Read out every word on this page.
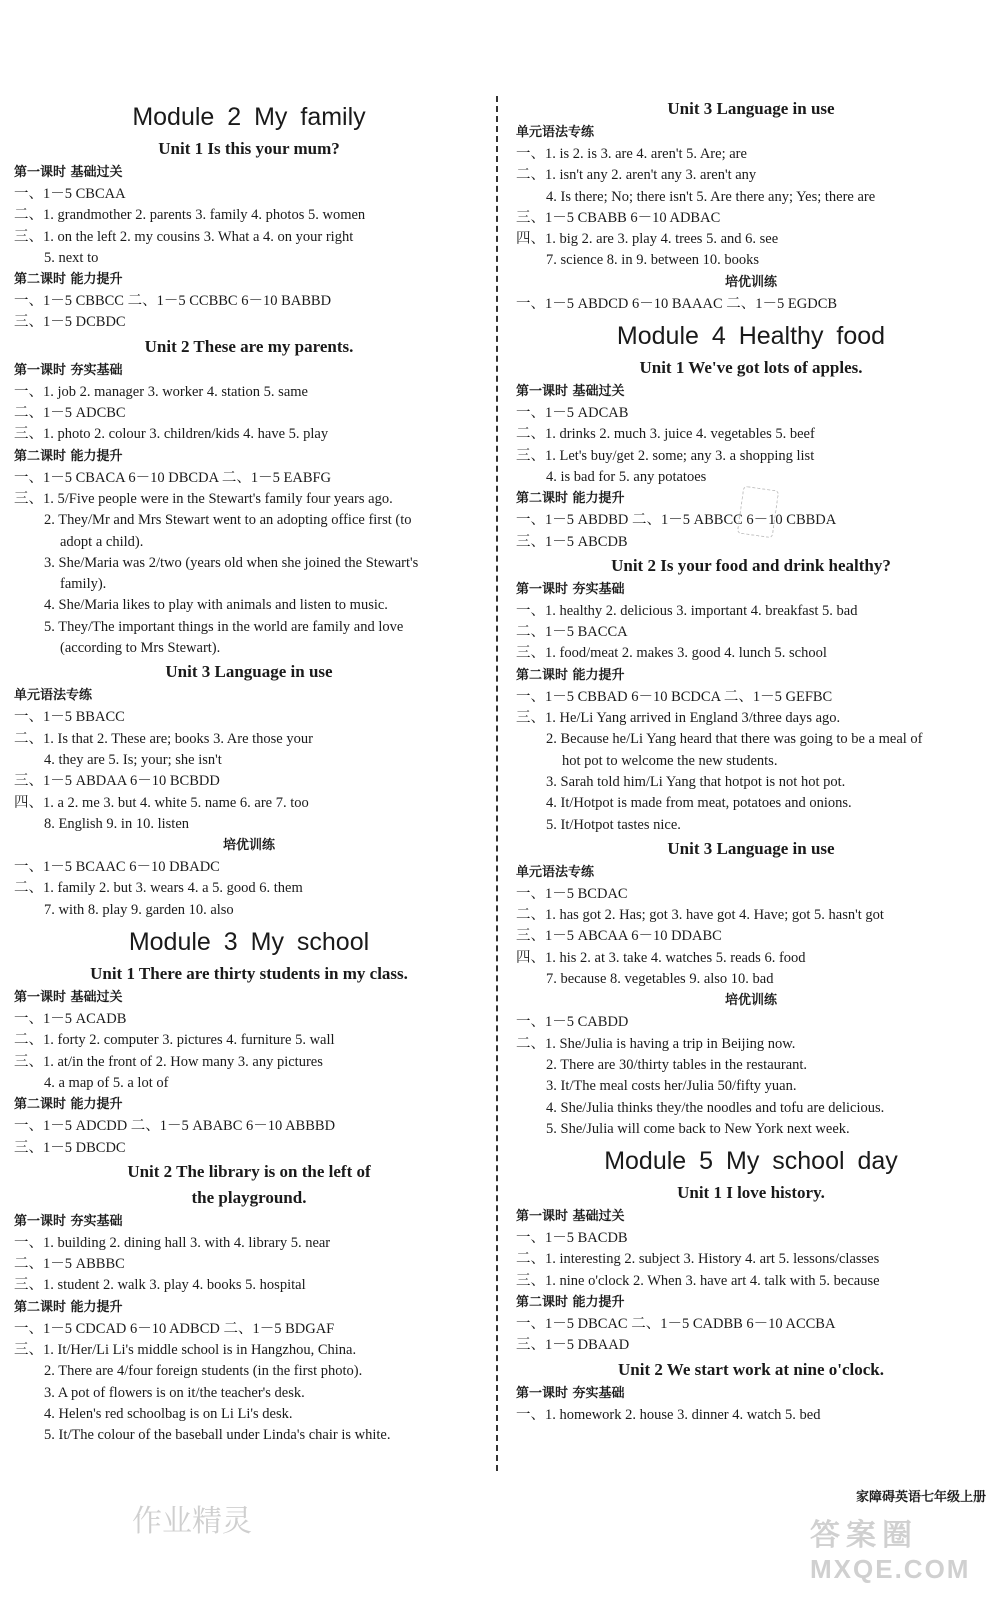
Module 2 My family
Unit 1 Is this your mum?
第一课时 基础过关
一、1－5 CBCAA
二、1. grandmother 2. parents 3. family 4. photos 5. women
三、1. on the left 2. my cousins 3. What a 4. on your right
5. next to
第二课时 能力提升
一、1－5 CBBCC 二、1－5 CCBBC 6－10 BABBD
三、1－5 DCBDC
Unit 2 These are my parents.
第一课时 夯实基础
一、1. job 2. manager 3. worker 4. station 5. same
二、1－5 ADCBC
三、1. photo 2. colour 3. children/kids 4. have 5. play
第二课时 能力提升
一、1－5 CBACA 6－10 DBCDA 二、1－5 EABFG
三、1. 5/Five people were in the Stewart's family four years ago.
2. They/Mr and Mrs Stewart went to an adopting office first (to
adopt a child).
3. She/Maria was 2/two (years old when she joined the Stewart's
family).
4. She/Maria likes to play with animals and listen to music.
5. They/The important things in the world are family and love
(according to Mrs Stewart).
Unit 3 Language in use
单元语法专练
一、1－5 BBACC
二、1. Is that 2. These are; books 3. Are those your
4. they are 5. Is; your; she isn't
三、1－5 ABDAA 6－10 BCBDD
四、1. a 2. me 3. but 4. white 5. name 6. are 7. too
8. English 9. in 10. listen
培优训练
一、1－5 BCAAC 6－10 DBADC
二、1. family 2. but 3. wears 4. a 5. good 6. them
7. with 8. play 9. garden 10. also
Module 3 My school
Unit 1 There are thirty students in my class.
第一课时 基础过关
一、1－5 ACADB
二、1. forty 2. computer 3. pictures 4. furniture 5. wall
三、1. at/in the front of 2. How many 3. any pictures
4. a map of 5. a lot of
第二课时 能力提升
一、1－5 ADCDD 二、1－5 ABABC 6－10 ABBBD
三、1－5 DBCDC
Unit 2 The library is on the left of
the playground.
第一课时 夯实基础
一、1. building 2. dining hall 3. with 4. library 5. near
二、1－5 ABBBC
三、1. student 2. walk 3. play 4. books 5. hospital
第二课时 能力提升
一、1－5 CDCAD 6－10 ADBCD 二、1－5 BDGAF
三、1. It/Her/Li Li's middle school is in Hangzhou, China.
2. There are 4/four foreign students (in the first photo).
3. A pot of flowers is on it/the teacher's desk.
4. Helen's red schoolbag is on Li Li's desk.
5. It/The colour of the baseball under Linda's chair is white.
Unit 3 Language in use
单元语法专练
一、1. is 2. is 3. are 4. aren't 5. Are; are
二、1. isn't any 2. aren't any 3. aren't any
4. Is there; No; there isn't 5. Are there any; Yes; there are
三、1－5 CBABB 6－10 ADBAC
四、1. big 2. are 3. play 4. trees 5. and 6. see
7. science 8. in 9. between 10. books
培优训练
一、1－5 ABDCD 6－10 BAAAC 二、1－5 EGDCB
Module 4 Healthy food
Unit 1 We've got lots of apples.
第一课时 基础过关
一、1－5 ADCAB
二、1. drinks 2. much 3. juice 4. vegetables 5. beef
三、1. Let's buy/get 2. some; any 3. a shopping list
4. is bad for 5. any potatoes
第二课时 能力提升
一、1－5 ABDBD 二、1－5 ABBCC 6－10 CBBDA
三、1－5 ABCDB
Unit 2 Is your food and drink healthy?
第一课时 夯实基础
一、1. healthy 2. delicious 3. important 4. breakfast 5. bad
二、1－5 BACCA
三、1. food/meat 2. makes 3. good 4. lunch 5. school
第二课时 能力提升
一、1－5 CBBAD 6－10 BCDCA 二、1－5 GEFBC
三、1. He/Li Yang arrived in England 3/three days ago.
2. Because he/Li Yang heard that there was going to be a meal of
hot pot to welcome the new students.
3. Sarah told him/Li Yang that hotpot is not hot pot.
4. It/Hotpot is made from meat, potatoes and onions.
5. It/Hotpot tastes nice.
Unit 3 Language in use
单元语法专练
一、1－5 BCDAC
二、1. has got 2. Has; got 3. have got 4. Have; got 5. hasn't got
三、1－5 ABCAA 6－10 DDABC
四、1. his 2. at 3. take 4. watches 5. reads 6. food
7. because 8. vegetables 9. also 10. bad
培优训练
一、1－5 CABDD
二、1. She/Julia is having a trip in Beijing now.
2. There are 30/thirty tables in the restaurant.
3. It/The meal costs her/Julia 50/fifty yuan.
4. She/Julia thinks they/the noodles and tofu are delicious.
5. She/Julia will come back to New York next week.
Module 5 My school day
Unit 1 I love history.
第一课时 基础过关
一、1－5 BACDB
二、1. interesting 2. subject 3. History 4. art 5. lessons/classes
三、1. nine o'clock 2. When 3. have art 4. talk with 5. because
第二课时 能力提升
一、1－5 DBCAC 二、1－5 CADBB 6－10 ACCBA
三、1－5 DBAAD
Unit 2 We start work at nine o'clock.
第一课时 夯实基础
一、1. homework 2. house 3. dinner 4. watch 5. bed
作业精灵
家障碍英语七年级上册
答案圈
MXQE.COM
